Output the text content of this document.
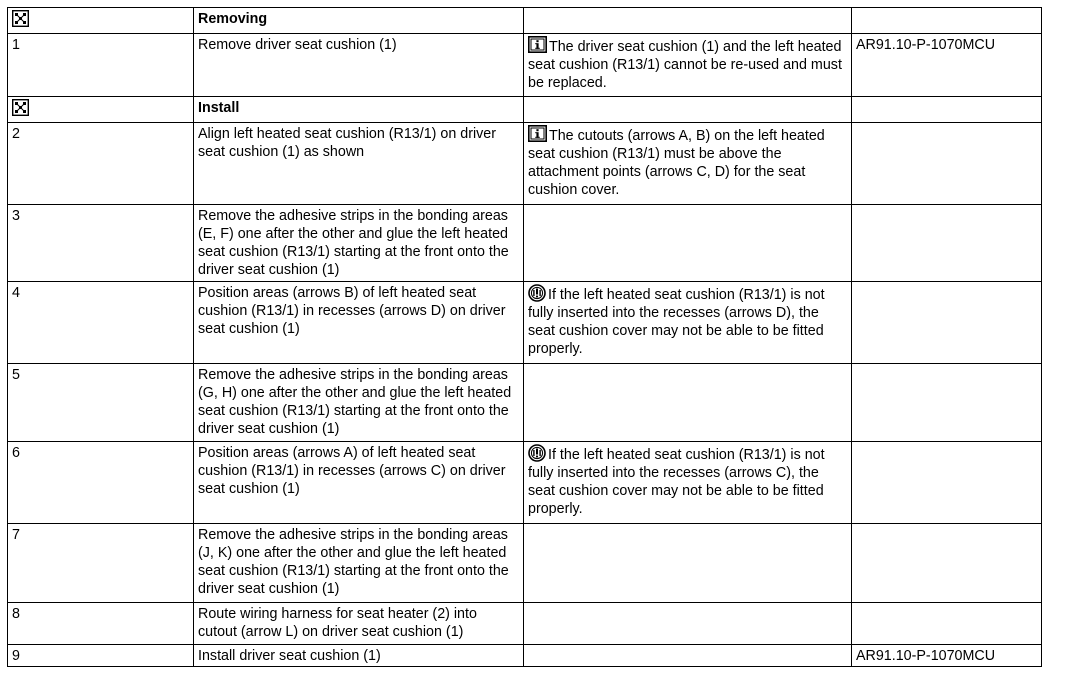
	Removing		
1	Remove driver seat cushion (1)	The driver seat cushion (1) and the left heated seat cushion (R13/1) cannot be re-used and must be replaced.	AR91.10-P-1070MCU
	Install		
2	Align left heated seat cushion (R13/1) on driver seat cushion (1) as shown	The cutouts (arrows A, B) on the left heated seat cushion (R13/1) must be above the attachment points (arrows C, D) for the seat cushion cover.	
3	Remove the adhesive strips in the bonding areas (E, F) one after the other and glue the left heated seat cushion (R13/1) starting at the front onto the driver seat cushion (1)		
4	Position areas (arrows B) of left heated seat cushion (R13/1) in recesses (arrows D) on driver seat cushion (1)	If the left heated seat cushion (R13/1) is not fully inserted into the recesses (arrows D), the seat cushion cover may not be able to be fitted properly.	
5	Remove the adhesive strips in the bonding areas (G, H) one after the other and glue the left heated seat cushion (R13/1) starting at the front onto the driver seat cushion (1)		
6	Position areas (arrows A) of left heated seat cushion (R13/1) in recesses (arrows C) on driver seat cushion (1)	If the left heated seat cushion (R13/1) is not fully inserted into the recesses (arrows C), the seat cushion cover may not be able to be fitted properly.	
7	Remove the adhesive strips in the bonding areas (J, K) one after the other and glue the left heated seat cushion (R13/1) starting at the front onto the driver seat cushion (1)		
8	Route wiring harness for seat heater (2) into cutout (arrow L) on driver seat cushion (1)		
9	Install driver seat cushion (1)		AR91.10-P-1070MCU
